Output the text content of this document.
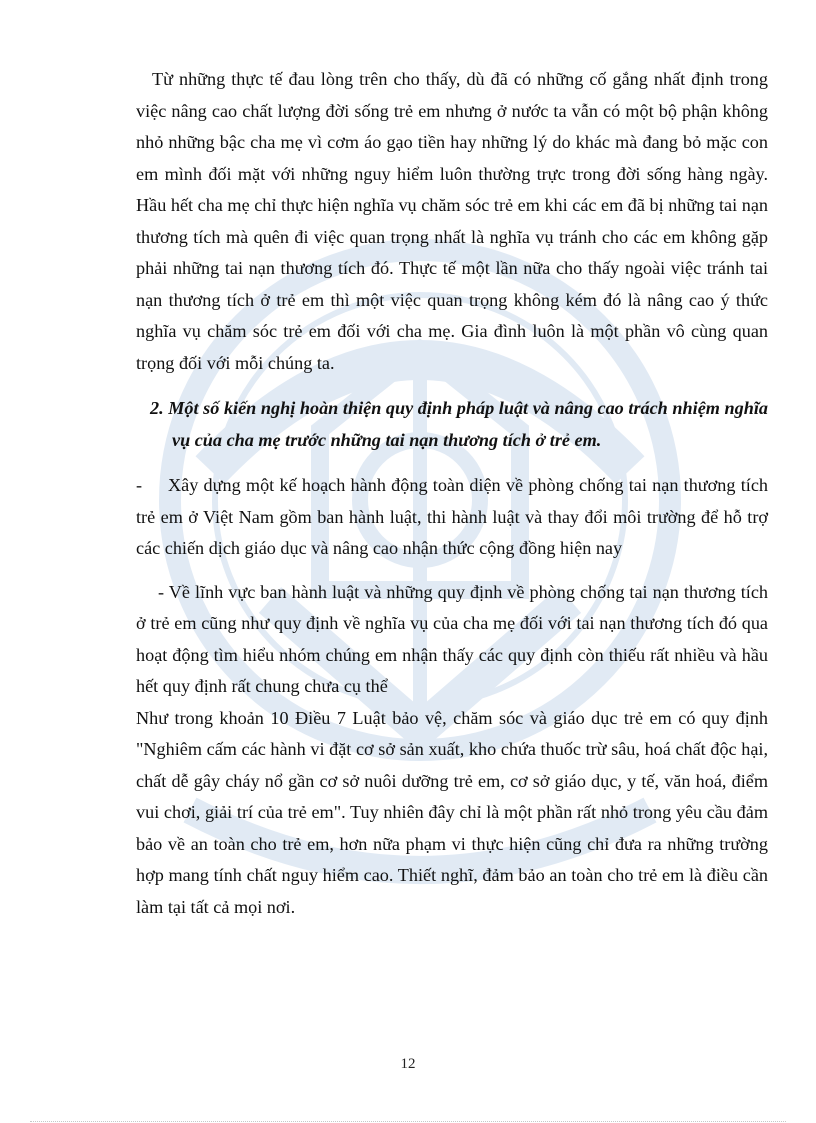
Từ những thực tế đau lòng trên cho thấy, dù đã có những cố gắng nhất định trong việc nâng cao chất lượng đời sống trẻ em nhưng ở nước ta vẫn có một bộ phận không nhỏ những bậc cha mẹ vì cơm áo gạo tiền hay những lý do khác mà đang bỏ mặc con em mình đối mặt với những nguy hiểm luôn thường trực trong đời sống hàng ngày. Hầu hết cha mẹ chỉ thực hiện nghĩa vụ chăm sóc trẻ em khi các em đã bị những tai nạn thương tích mà quên đi việc quan trọng nhất là nghĩa vụ tránh cho các em không gặp phải những tai nạn thương tích đó. Thực tế một lần nữa cho thấy ngoài việc tránh tai nạn thương tích ở trẻ em thì một việc quan trọng không kém đó là nâng cao ý thức nghĩa vụ chăm sóc trẻ em đối với cha mẹ. Gia đình luôn là một phần vô cùng quan trọng đối với mỗi chúng ta.

2. Một số kiến nghị hoàn thiện quy định pháp luật và nâng cao trách nhiệm nghĩa vụ của cha mẹ trước những tai nạn thương tích ở trẻ em.

- Xây dựng một kế hoạch hành động toàn diện về phòng chống tai nạn thương tích trẻ em ở Việt Nam gồm ban hành luật, thi hành luật và thay đổi môi trường để hỗ trợ các chiến dịch giáo dục và nâng cao nhận thức cộng đồng hiện nay

- Về lĩnh vực ban hành luật và những quy định về phòng chống tai nạn thương tích ở trẻ em cũng như quy định về nghĩa vụ của cha mẹ đối với tai nạn thương tích đó qua hoạt động tìm hiểu nhóm chúng em nhận thấy các quy định còn thiếu rất nhiều và hầu hết quy định rất chung chưa cụ thể

Như trong khoản 10 Điều 7 Luật bảo vệ, chăm sóc và giáo dục trẻ em có quy định "Nghiêm cấm các hành vi đặt cơ sở sản xuất, kho chứa thuốc trừ sâu, hoá chất độc hại, chất dễ gây cháy nổ gần cơ sở nuôi dưỡng trẻ em, cơ sở giáo dục, y tế, văn hoá, điểm vui chơi, giải trí của trẻ em". Tuy nhiên đây chỉ là một phần rất nhỏ trong yêu cầu đảm bảo về an toàn cho trẻ em, hơn nữa phạm vi thực hiện cũng chỉ đưa ra những trường hợp mang tính chất nguy hiểm cao. Thiết nghĩ, đảm bảo an toàn cho trẻ em là điều cần làm tại tất cả mọi nơi.

12
